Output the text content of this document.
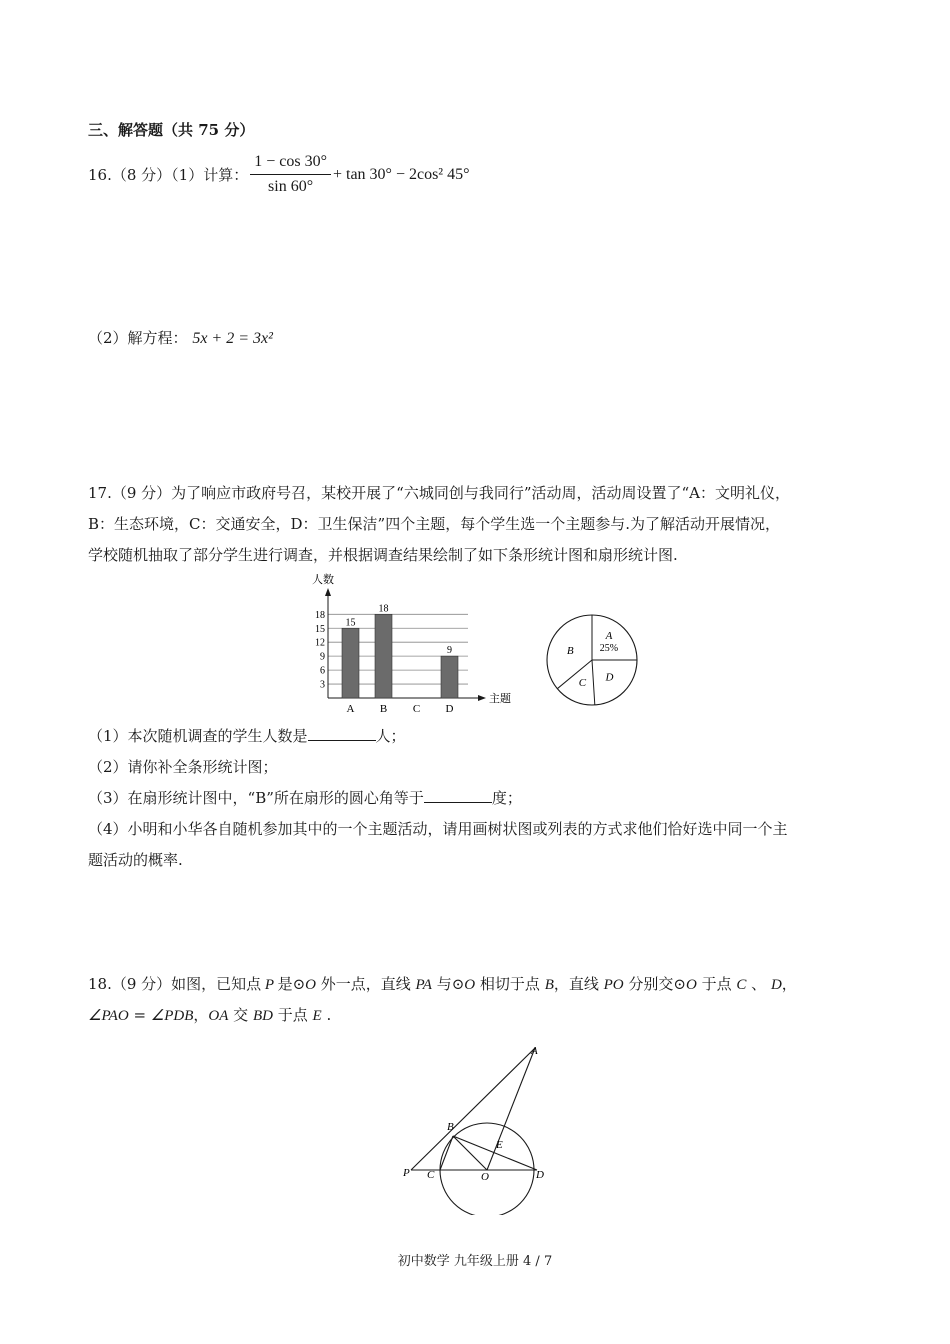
三、解答题（共 75 分）
16.（8 分）（1）计算： $\frac{1 - \cos 30^\circ}{\sin 60^\circ} + \tan 30^\circ - 2\cos^2$ 45°
（2）解方程： 5x + 2 = 3x²
17.（9 分）为了响应市政府号召，某校开展了“六城同创与我同行”活动周，活动周设置了“A：文明礼仪，
B：生态环境，C：交通安全，D：卫生保洁”四个主题，每个学生选一个主题参与.为了解活动开展情况，
学校随机抽取了部分学生进行调查，并根据调查结果绘制了如下条形统计图和扇形统计图.
3
6
9
12
15
18
人数
主题
15
A
18
B C
9
D
A
25%
B
C D
（1）本次随机调查的学生人数是	人；
（2）请你补全条形统计图；
（3）在扇形统计图中，“B”所在扇形的圆心角等于	度；
（4）小明和小华各自随机参加其中的一个主题活动，请用画树状图或列表的方式求他们恰好选中同一个主
题活动的概率.
18.（9 分）如图，已知点 P 是⊙O 外一点，直线 PA 与⊙O 相切于点 B，直线 PO 分别交⊙O 于点 C 、 D，
∠PAO = ∠PDB，OA 交 BD 于点 E .
A
B
C	D
E
O
P
初中数学 九年级上册 4 / 7
